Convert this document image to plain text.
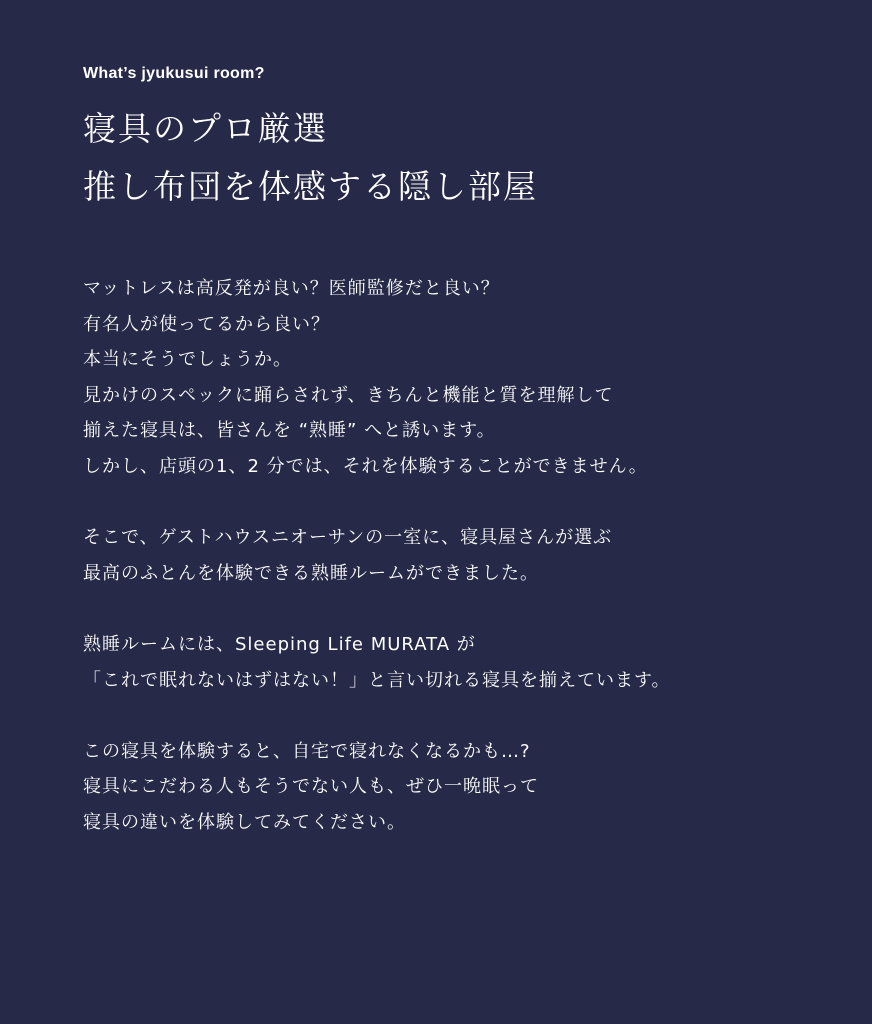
What’s jyukusui room?

寝具のプロ厳選
推し布団を体感する隠し部屋

マットレスは高反発が良い？医師監修だと良い？
有名人が使ってるから良い？
本当にそうでしょうか。
見かけのスペックに踊らされず、きちんと機能と質を理解して
揃えた寝具は、皆さんを “熟睡” へと誘います。
しかし、店頭の1、2 分では、それを体験することができません。

そこで、ゲストハウスニオーサンの一室に、寝具屋さんが選ぶ
最高のふとんを体験できる熟睡ルームができました。

熟睡ルームには、Sleeping Life MURATA が
「これで眠れないはずはない！」と言い切れる寝具を揃えています。

この寝具を体験すると、自宅で寝れなくなるかも…?
寝具にこだわる人もそうでない人も、ぜひ一晩眠って
寝具の違いを体験してみてください。
